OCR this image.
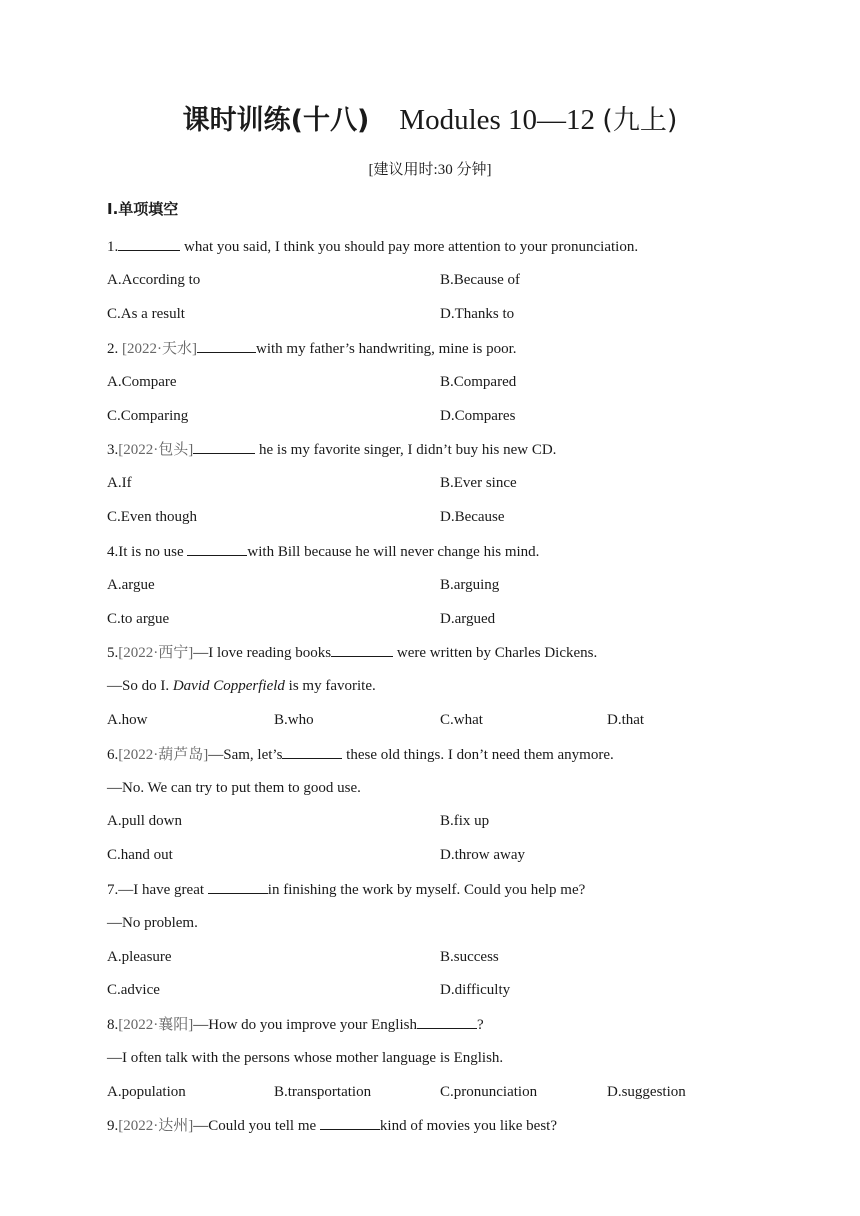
课时训练(十八) Modules 10—12 (九上)
[建议用时:30 分钟]
Ⅰ.单项填空
1.	what you said, I think you should pay more attention to your pronunciation.
A.According to	B.Because of
C.As a result	D.Thanks to
2. [2022·天水]	with my father’s handwriting, mine is poor.
A.Compare	B.Compared
C.Comparing	D.Compares
3.[2022·包头]	he is my favorite singer, I didn’t buy his new CD.
A.If	B.Ever since
C.Even though	D.Because
4.It is no use	with Bill because he will never change his mind.
A.argue	B.arguing
C.to argue	D.argued
5.[2022·西宁]—I love reading books	were written by Charles Dickens.
—So do I. David Copperfield is my favorite.
A.how	B.who	C.what	D.that
6.[2022·葫芦岛]—Sam, let’s	these old things. I don’t need them anymore.
—No. We can try to put them to good use.
A.pull down	B.fix up
C.hand out	D.throw away
7.—I have great	in finishing the work by myself. Could you help me?
—No problem.
A.pleasure	B.success
C.advice	D.difficulty
8.[2022·襄阳]—How do you improve your English	?
—I often talk with the persons whose mother language is English.
A.population	B.transportation	C.pronunciation	D.suggestion
9.[2022·达州]—Could you tell me	kind of movies you like best?
